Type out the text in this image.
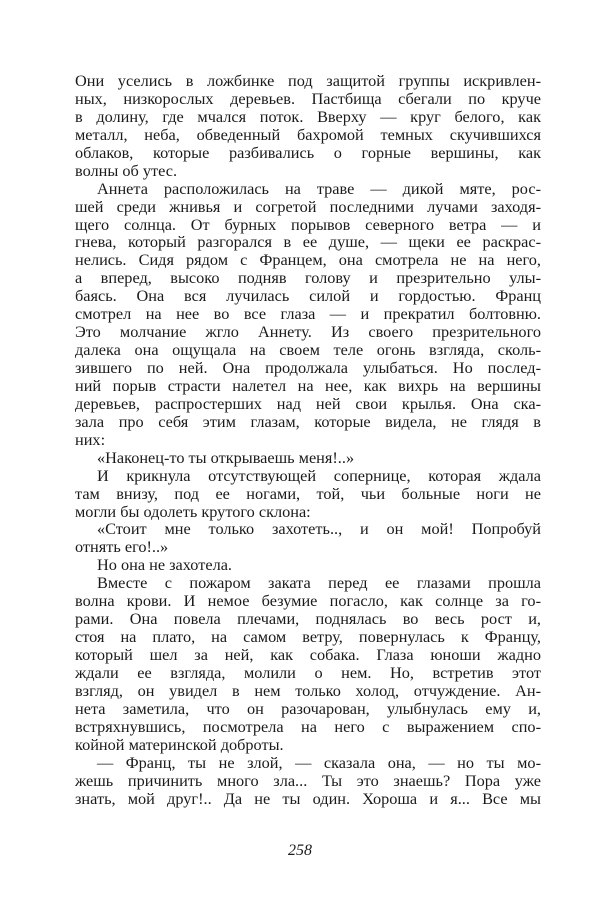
Они уселись в ложбинке под защитой группы искривлен-
ных, низкорослых деревьев. Пастбища сбегали по круче
в долину, где мчался поток. Вверху — круг белого, как
металл, неба, обведенный бахромой темных скучившихся
облаков, которые разбивались о горные вершины, как
волны об утес.
Аннета расположилась на траве — дикой мяте, рос-
шей среди жнивья и согретой последними лучами заходя-
щего солнца. От бурных порывов северного ветра — и
гнева, который разгорался в ее душе, — щеки ее раскрас-
нелись. Сидя рядом с Францем, она смотрела не на него,
а вперед, высоко подняв голову и презрительно улы-
баясь. Она вся лучилась силой и гордостью. Франц
смотрел на нее во все глаза — и прекратил болтовню.
Это молчание жгло Аннету. Из своего презрительного
далека она ощущала на своем теле огонь взгляда, сколь-
зившего по ней. Она продолжала улыбаться. Но послед-
ний порыв страсти налетел на нее, как вихрь на вершины
деревьев, распростерших над ней свои крылья. Она ска-
зала про себя этим глазам, которые видела, не глядя в
них:
«Наконец-то ты открываешь меня!..»
И крикнула отсутствующей сопернице, которая ждала
там внизу, под ее ногами, той, чьи больные ноги не
могли бы одолеть крутого склона:
«Стоит мне только захотеть.., и он мой! Попробуй
отнять его!..»
Но она не захотела.
Вместе с пожаром заката перед ее глазами прошла
волна крови. И немое безумие погасло, как солнце за го-
рами. Она повела плечами, поднялась во весь рост и,
стоя на плато, на самом ветру, повернулась к Францу,
который шел за ней, как собака. Глаза юноши жадно
ждали ее взгляда, молили о нем. Но, встретив этот
взгляд, он увидел в нем только холод, отчуждение. Ан-
нета заметила, что он разочарован, улыбнулась ему и,
встряхнувшись, посмотрела на него с выражением спо-
койной материнской доброты.
— Франц, ты не злой, — сказала она, — но ты мо-
жешь причинить много зла... Ты это знаешь? Пора уже
знать, мой друг!.. Да не ты один. Хороша и я... Все мы
258
